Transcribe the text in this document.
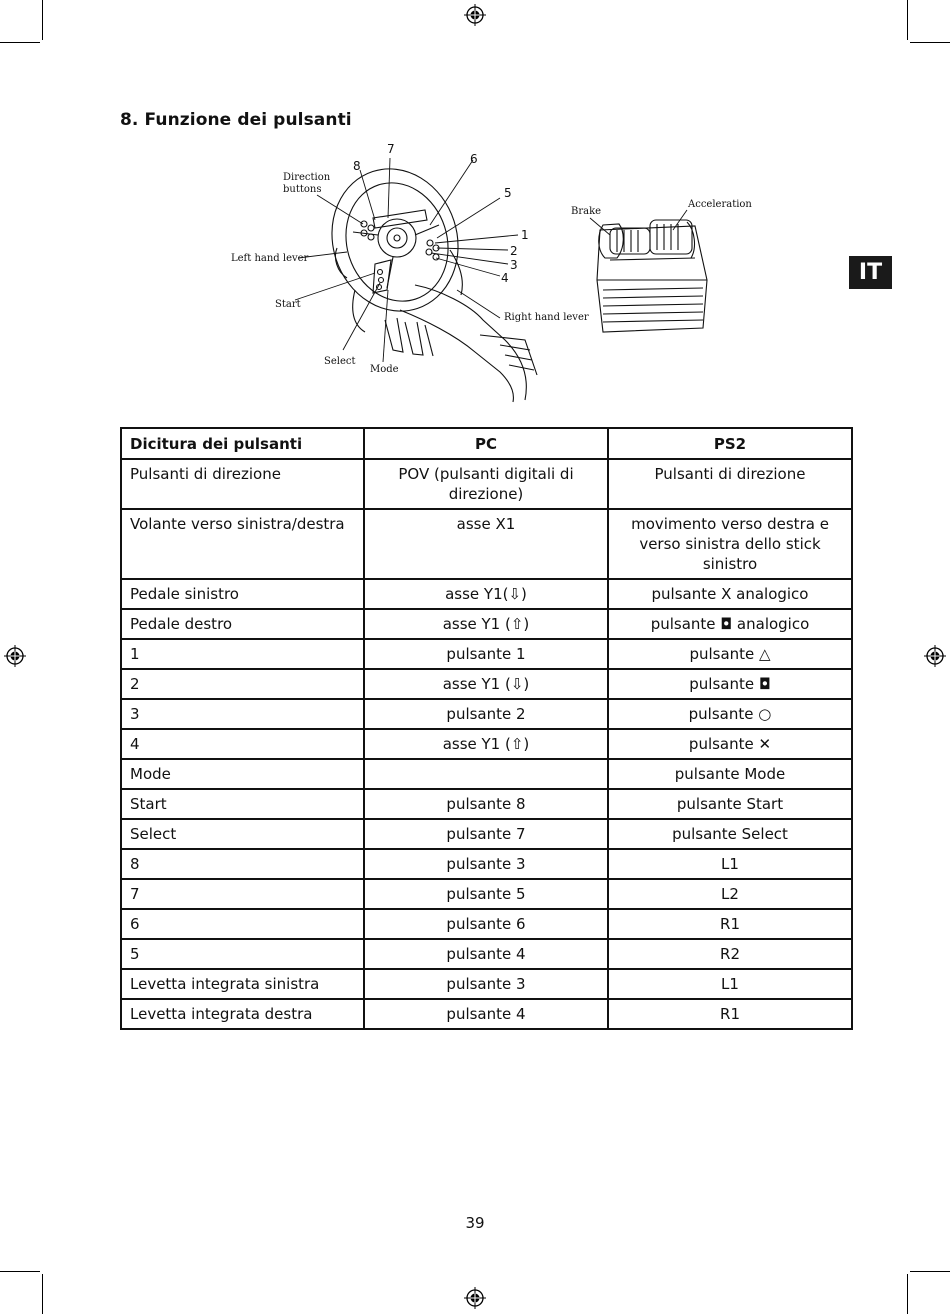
8. Funzione dei pulsanti
IT
Direction
buttons
Left hand lever
Start
Select
Mode
Right hand lever
Brake
Acceleration
8
7
6
5
1
2
3
4
Dicitura dei pulsanti	PC	PS2
Pulsanti di direzione	POV (pulsanti digitali di direzione)	Pulsanti di direzione
Volante verso sinistra/destra	asse X1	movimento verso destra e verso sinistra dello stick sinistro
Pedale sinistro	asse Y1(⇩)	pulsante X analogico
Pedale destro	asse Y1 (⇧)	pulsante ◘ analogico
1	pulsante 1	pulsante △
2	asse Y1 (⇩)	pulsante ◘
3	pulsante 2	pulsante ○
4	asse Y1 (⇧)	pulsante ✕
Mode		pulsante Mode
Start	pulsante 8	pulsante Start
Select	pulsante 7	pulsante Select
8	pulsante 3	L1
7	pulsante 5	L2
6	pulsante 6	R1
5	pulsante 4	R2
Levetta integrata sinistra	pulsante 3	L1
Levetta integrata destra	pulsante 4	R1
39
